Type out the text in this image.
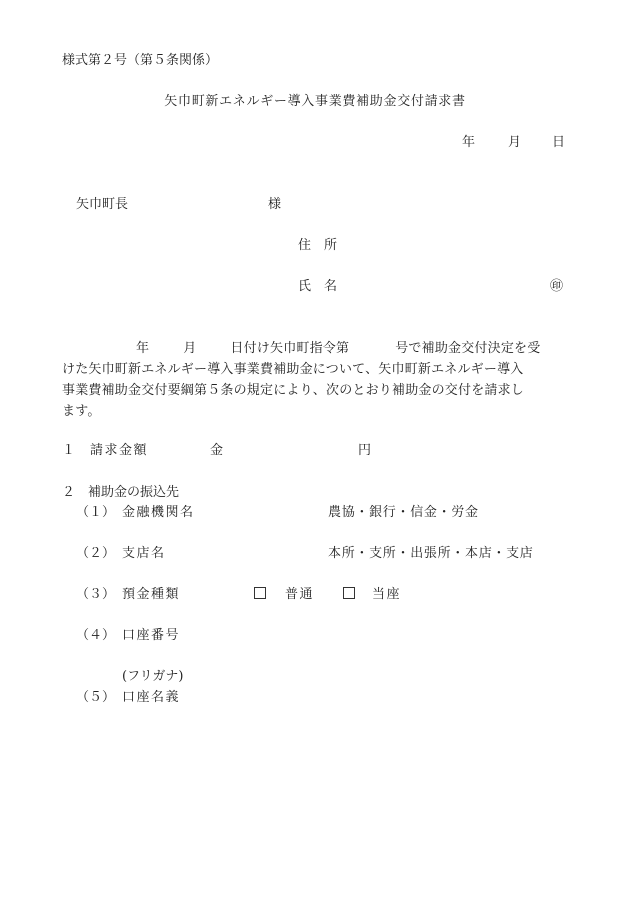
様式第２号（第５条関係）
矢巾町新エネルギー導入事業費補助金交付請求書
年	月 日
矢巾町長	様
住　所
氏　名	㊞
年	月	日付け矢巾町指令第	号で補助金交付決定を受
けた矢巾町新エネルギー導入事業費補助金について、矢巾町新エネルギー導入
事業費補助金交付要綱第５条の規定により、次のとおり補助金の交付を請求し
ます。
１ 請求金額	金	円
２　補助金の振込先
（１） 金融機関名	農協・銀行・信金・労金
（２） 支店名	本所・支所・出張所・本店・支店
（３） 預金種類	普通	当座
（４） 口座番号
(フリガナ)
（５） 口座名義
